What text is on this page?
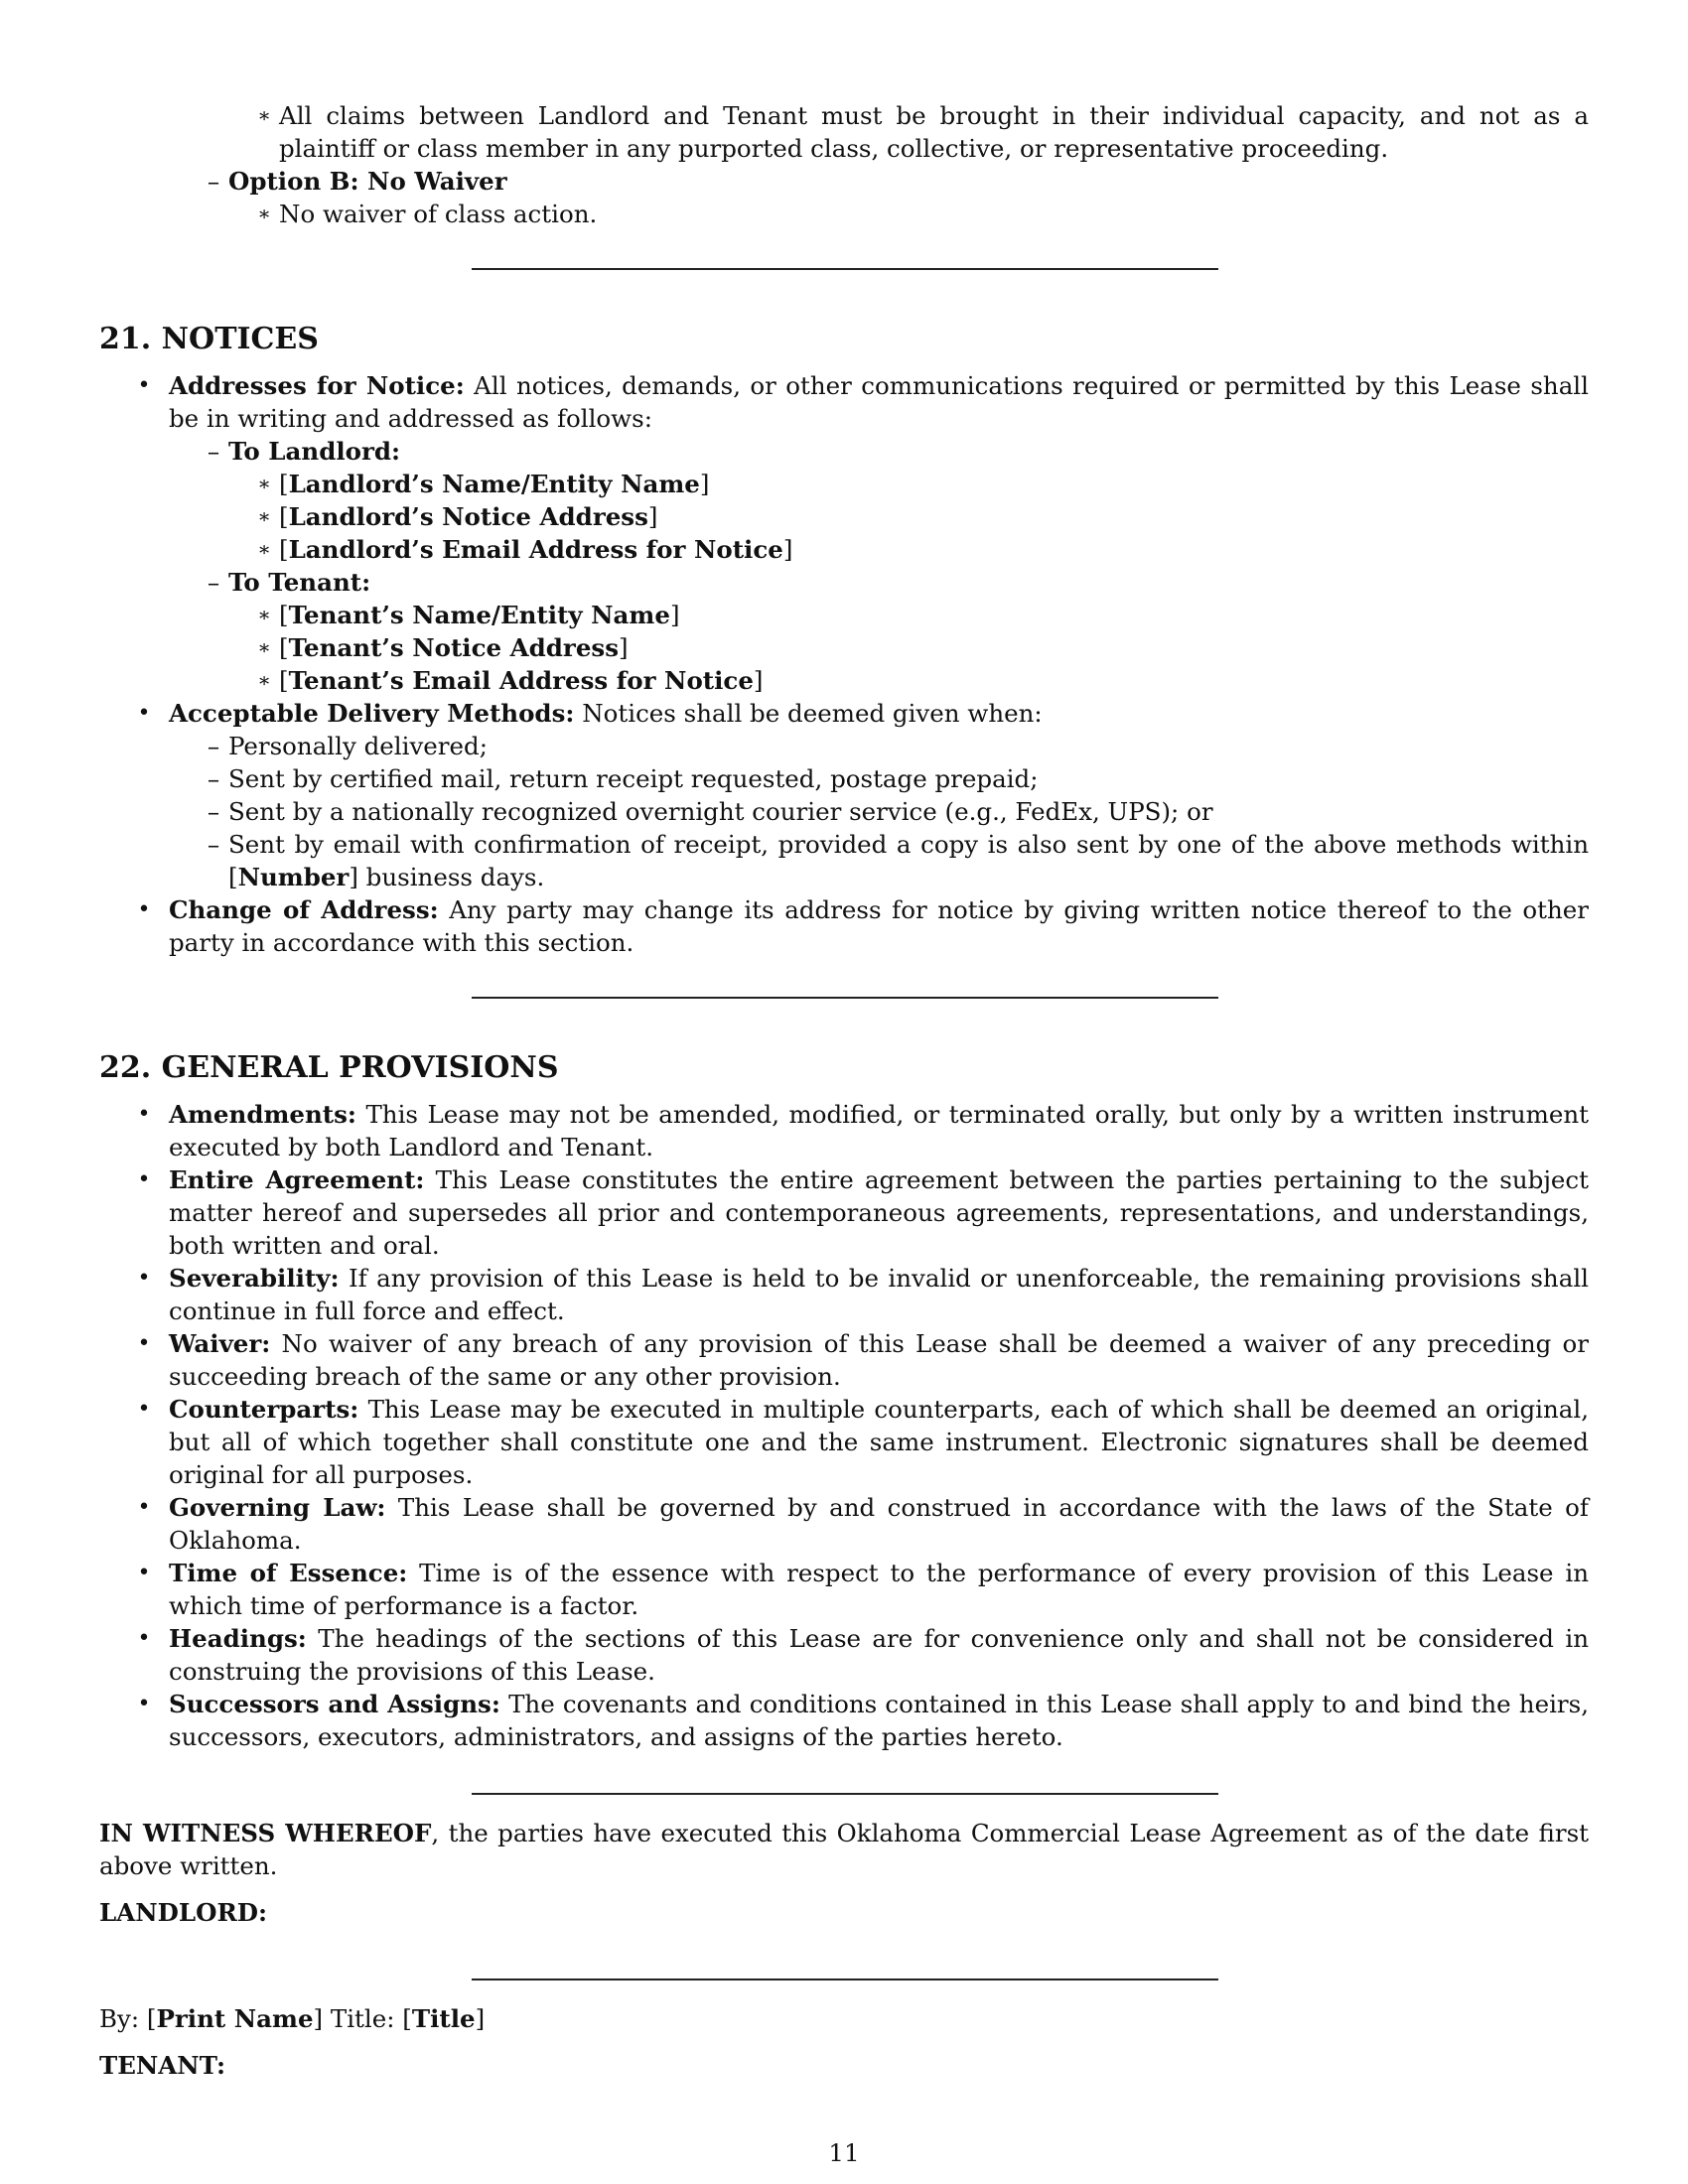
∗ All claims between Landlord and Tenant must be brought in their individual capacity, and not as a plaintiff or class member in any purported class, collective, or representative proceeding.
– Option B: No Waiver
∗ No waiver of class action.
21. NOTICES
• Addresses for Notice: All notices, demands, or other communications required or permitted by this Lease shall be in writing and addressed as follows:
– To Landlord:
∗ [Landlord’s Name/Entity Name]
∗ [Landlord’s Notice Address]
∗ [Landlord’s Email Address for Notice]
– To Tenant:
∗ [Tenant’s Name/Entity Name]
∗ [Tenant’s Notice Address]
∗ [Tenant’s Email Address for Notice]
• Acceptable Delivery Methods: Notices shall be deemed given when:
– Personally delivered;
– Sent by certified mail, return receipt requested, postage prepaid;
– Sent by a nationally recognized overnight courier service (e.g., FedEx, UPS); or
– Sent by email with confirmation of receipt, provided a copy is also sent by one of the above methods within [Number] business days.
• Change of Address: Any party may change its address for notice by giving written notice thereof to the other party in accordance with this section.
22. GENERAL PROVISIONS
• Amendments: This Lease may not be amended, modified, or terminated orally, but only by a written instrument executed by both Landlord and Tenant.
• Entire Agreement: This Lease constitutes the entire agreement between the parties pertaining to the subject matter hereof and supersedes all prior and contemporaneous agreements, representations, and understandings, both written and oral.
• Severability: If any provision of this Lease is held to be invalid or unenforceable, the remaining provisions shall continue in full force and effect.
• Waiver: No waiver of any breach of any provision of this Lease shall be deemed a waiver of any preceding or succeeding breach of the same or any other provision.
• Counterparts: This Lease may be executed in multiple counterparts, each of which shall be deemed an original, but all of which together shall constitute one and the same instrument. Electronic signatures shall be deemed original for all purposes.
• Governing Law: This Lease shall be governed by and construed in accordance with the laws of the State of Oklahoma.
• Time of Essence: Time is of the essence with respect to the performance of every provision of this Lease in which time of performance is a factor.
• Headings: The headings of the sections of this Lease are for convenience only and shall not be considered in construing the provisions of this Lease.
• Successors and Assigns: The covenants and conditions contained in this Lease shall apply to and bind the heirs, successors, executors, administrators, and assigns of the parties hereto.
IN WITNESS WHEREOF, the parties have executed this Oklahoma Commercial Lease Agreement as of the date first above written.
LANDLORD:
By: [Print Name] Title: [Title]
TENANT:
11
